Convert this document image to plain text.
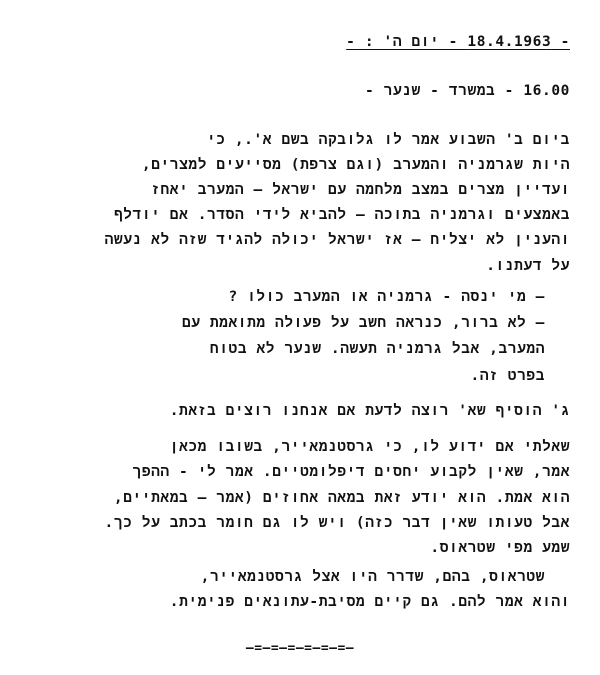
- 18.4.1963 - יום ה' : -
16.00 - במשרד - שנער -
ביום ב' השבוע אמר לו גלובקה בשם א'., כי
היות שגרמניה והמערב (וגם צרפת) מסייעים למצרים,
ועדיין מצרים במצב מלחמה עם ישראל – המערב יאחז
באמצעים וגרמניה בתוכה – להביא לידי הסדר. אם יודלף
והענין לא יצליח – אז ישראל יכולה להגיד שזה לא נעשה
על דעתנו.
– מי ינסה - גרמניה או המערב כולו ?
– לא ברור, כנראה חשב על פעולה מתואמת עם
המערב, אבל גרמניה תעשה. שנער לא בטוח
בפרט זה.
ג' הוסיף שא' רוצה לדעת אם אנחנו רוצים בזאת.
שאלתי אם ידוע לו, כי גרסטנמאייר, בשובו מכאן
אמר, שאין לקבוע יחסים דיפלומטיים. אמר לי - ההפך
הוא אמת. הוא יודע זאת במאה אחוזים (אמר – במאתיים,
אבל טעותו שאין דבר כזה) ויש לו גם חומר בכתב על כך.
שמע מפי שטראוס.
שטראוס, בהם, שדרר היו אצל גרסטנמאייר,
והוא אמר להם. גם קיים מסיבת-עתונאים פנימית.
—=—=—=—=—=—=—
